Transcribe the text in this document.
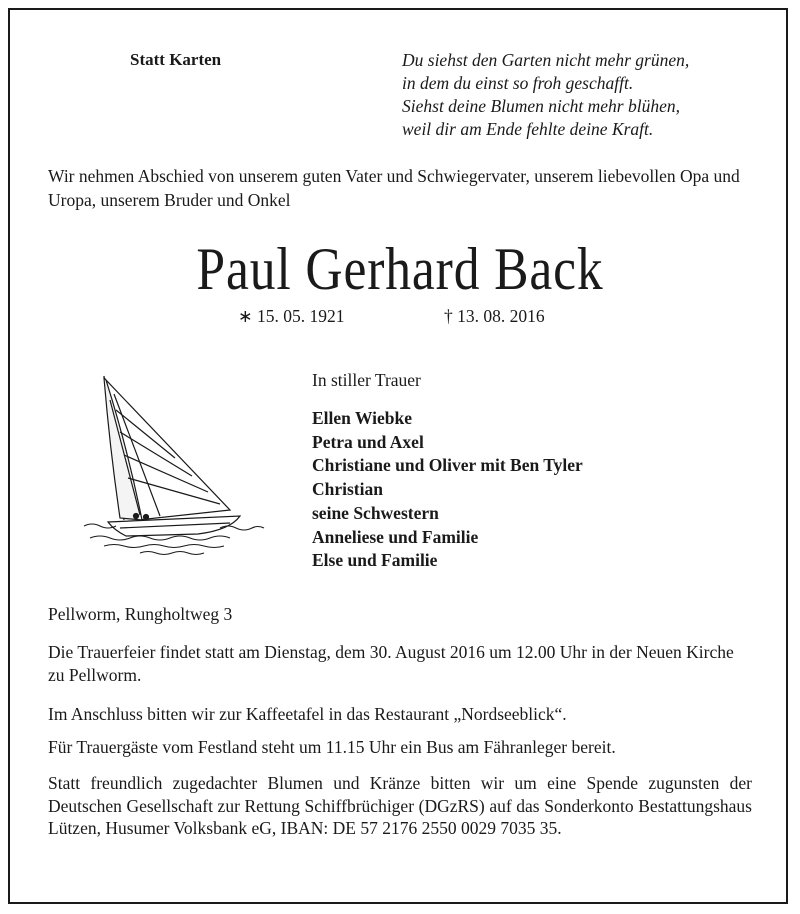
Statt Karten	Du siehst den Garten nicht mehr grünen,
in dem du einst so froh geschafft.
Siehst deine Blumen nicht mehr blühen,
weil dir am Ende fehlte deine Kraft.
Wir nehmen Abschied von unserem guten Vater und Schwiegervater, unserem liebevollen Opa und Uropa, unserem Bruder und Onkel
Paul Gerhard Back
∗ 15. 05. 1921	† 13. 08. 2016
In stiller Trauer
Ellen Wiebke
Petra und Axel
Christiane und Oliver mit Ben Tyler
Christian
seine Schwestern
Anneliese und Familie
Else und Familie
Pellworm, Rungholtweg 3
Die Trauerfeier findet statt am Dienstag, dem 30. August 2016 um 12.00 Uhr in der Neuen Kirche zu Pellworm.
Im Anschluss bitten wir zur Kaffeetafel in das Restaurant „Nordseeblick“.
Für Trauergäste vom Festland steht um 11.15 Uhr ein Bus am Fähranleger bereit.
Statt freundlich zugedachter Blumen und Kränze bitten wir um eine Spende zugunsten der Deutschen Gesellschaft zur Rettung Schiffbrüchiger (DGzRS) auf das Sonderkonto Bestattungshaus Lützen, Husumer Volksbank eG, IBAN: DE 57 2176 2550 0029 7035 35.
